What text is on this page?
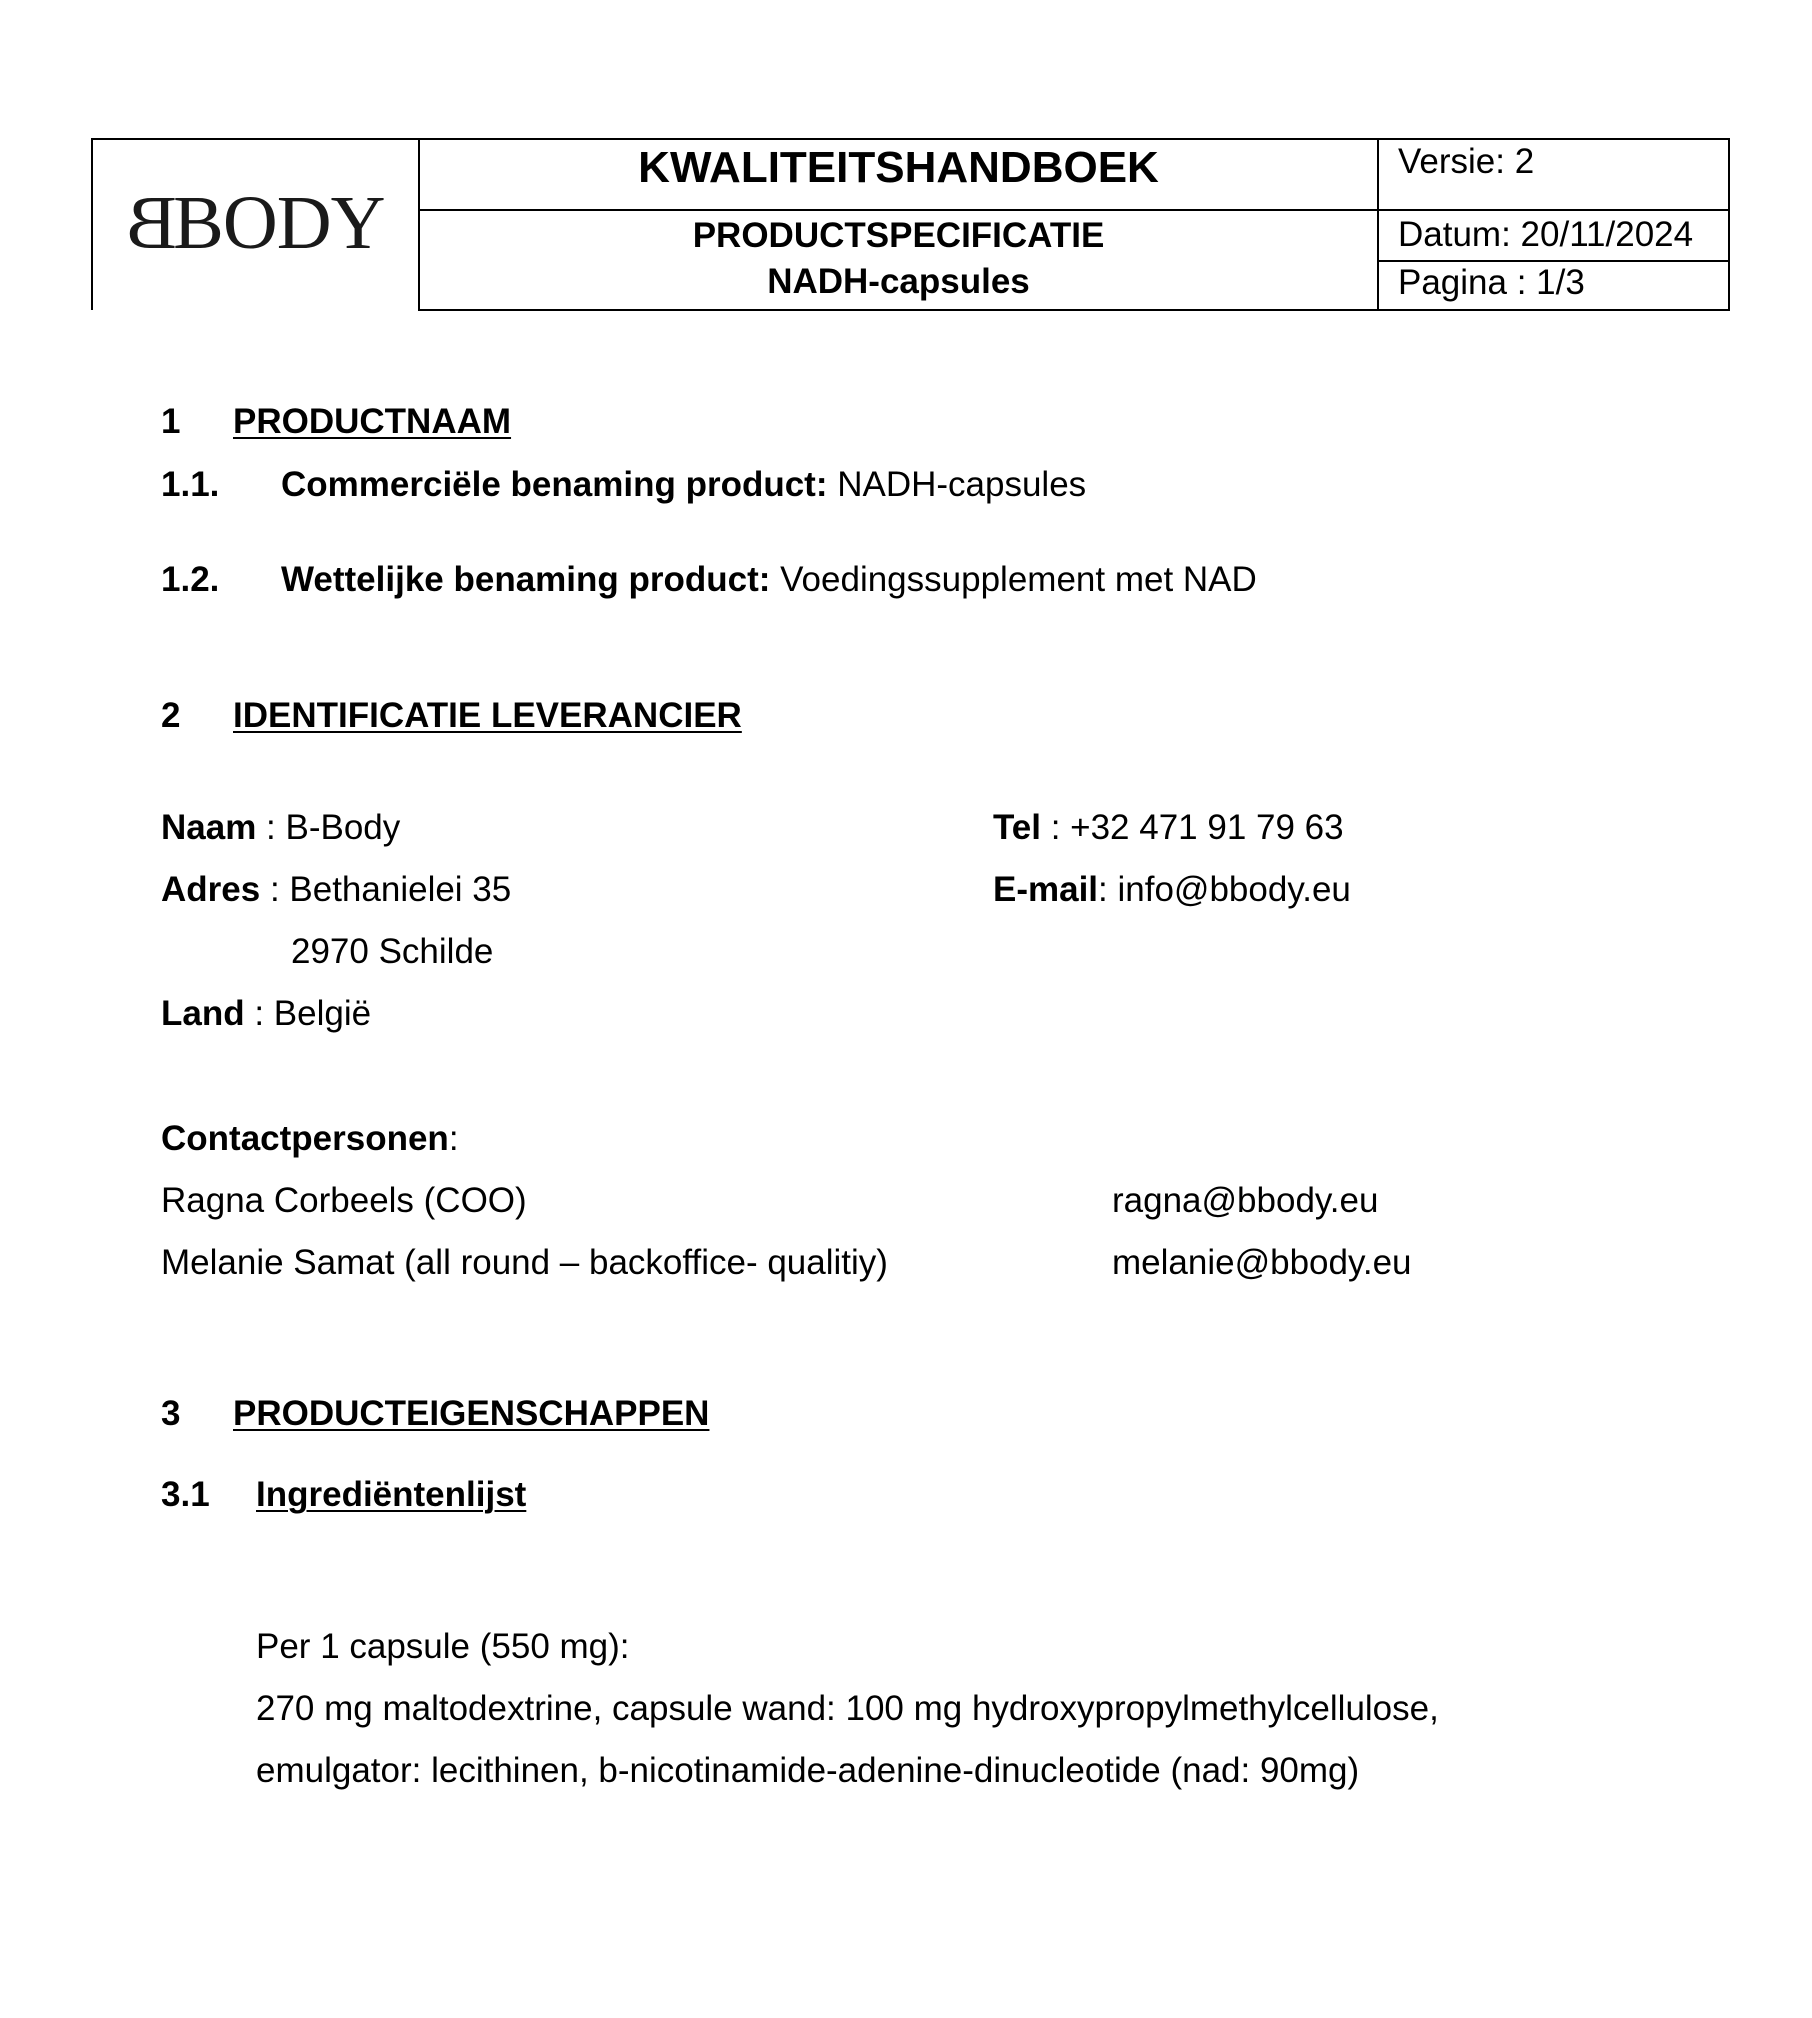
BBODY
KWALITEITSHANDBOEK
PRODUCTSPECIFICATIE
NADH-capsules
Versie: 2
Datum: 20/11/2024
Pagina : 1/3
1 PRODUCTNAAM
1.1. Commerciële benaming product: NADH-capsules
1.2. Wettelijke benaming product: Voedingssupplement met NAD
2 IDENTIFICATIE LEVERANCIER
Naam : B-Body
Adres : Bethanielei 35
2970 Schilde
Land : België
Tel : +32 471 91 79 63
E-mail: info@bbody.eu
Contactpersonen:
Ragna Corbeels (COO)	ragna@bbody.eu
Melanie Samat (all round – backoffice- qualitiy)	melanie@bbody.eu
3 PRODUCTEIGENSCHAPPEN
3.1 Ingrediëntenlijst
Per 1 capsule (550 mg):
270 mg maltodextrine, capsule wand: 100 mg hydroxypropylmethylcellulose,
emulgator: lecithinen, b-nicotinamide-adenine-dinucleotide (nad: 90mg)
